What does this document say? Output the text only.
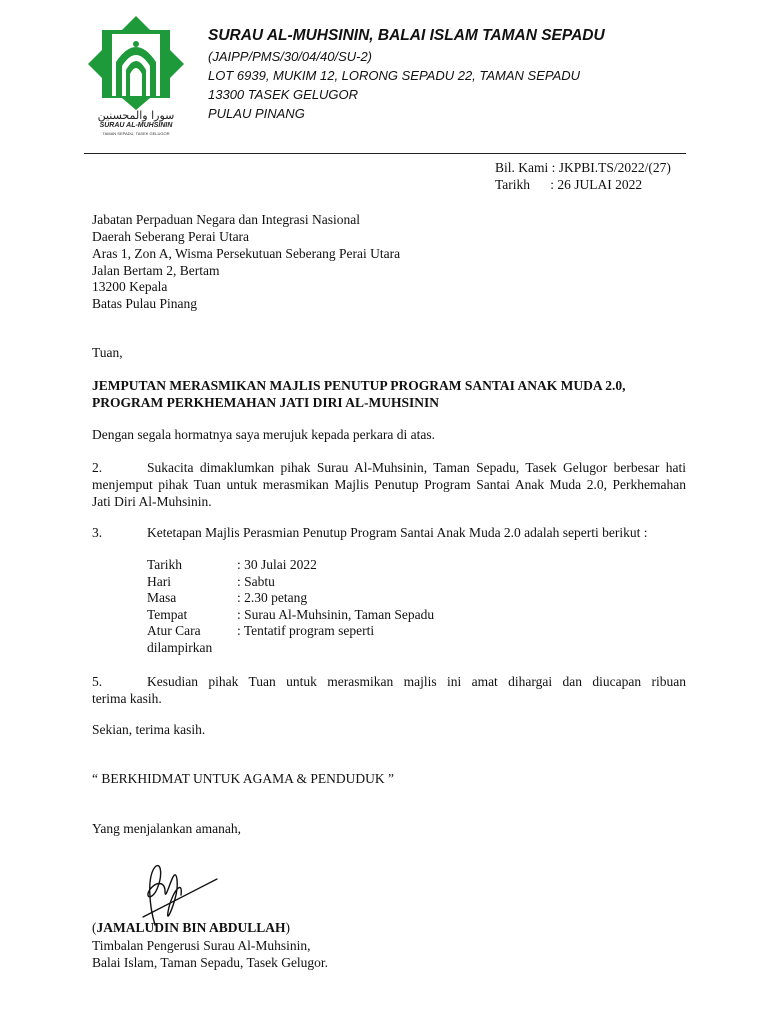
سورا والمحسنين
SURAU AL-MUHSININ
TAMAN SEPADU, TASEK GELUGOR
SURAU AL-MUHSININ, BALAI ISLAM TAMAN SEPADU
(JAIPP/PMS/30/04/40/SU-2)
LOT 6939, MUKIM 12, LORONG SEPADU 22, TAMAN SEPADU
13300 TASEK GELUGOR
PULAU PINANG
Bil. Kami : JKPBI.TS/2022/(27)
Tarikh      : 26 JULAI 2022
Jabatan Perpaduan Negara dan Integrasi Nasional
Daerah Seberang Perai Utara
Aras 1, Zon A, Wisma Persekutuan Seberang Perai Utara
Jalan Bertam 2, Bertam
13200 Kepala
Batas Pulau Pinang
Tuan,
JEMPUTAN MERASMIKAN MAJLIS PENUTUP PROGRAM SANTAI ANAK MUDA 2.0,
PROGRAM PERKHEMAHAN JATI DIRI AL-MUHSININ
Dengan segala hormatnya saya merujuk kepada perkara di atas.
2.	Sukacita dimaklumkan pihak Surau Al-Muhsinin, Taman Sepadu, Tasek Gelugor berbesar hati
menjemput pihak Tuan untuk merasmikan Majlis Penutup Program Santai Anak Muda 2.0, Perkhemahan
Jati Diri Al-Muhsinin.
3.	Ketetapan Majlis Perasmian Penutup Program Santai Anak Muda 2.0 adalah seperti berikut :
Tarikh	: 30 Julai 2022
Hari	: Sabtu
Masa	: 2.30 petang
Tempat	: Surau Al-Muhsinin, Taman Sepadu
Atur Cara	: Tentatif program seperti
dilampirkan
5.	Kesudian pihak Tuan untuk merasmikan majlis ini amat dihargai dan diucapan ribuan
terima kasih.
Sekian, terima kasih.
“ BERKHIDMAT UNTUK AGAMA & PENDUDUK ”
Yang menjalankan amanah,
(JAMALUDIN BIN ABDULLAH)
Timbalan Pengerusi Surau Al-Muhsinin,
Balai Islam, Taman Sepadu, Tasek Gelugor.
